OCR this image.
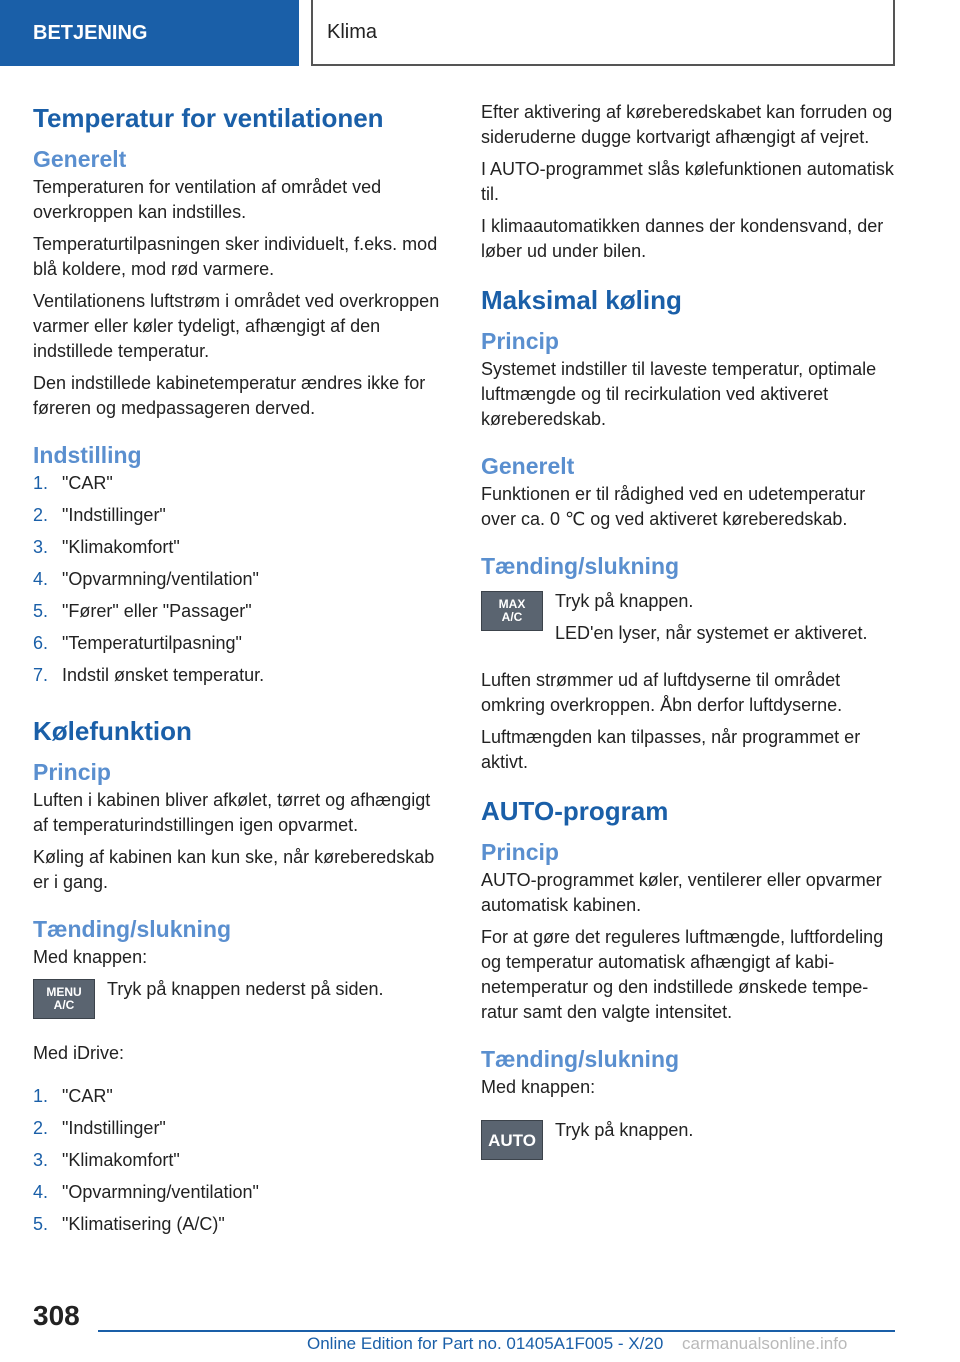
BETJENING	Klima
Temperatur for ventilationen
Generelt

Temperaturen for ventilation af området ved overkroppen kan indstilles.

Temperaturtilpasningen sker individuelt, f.eks. mod blå koldere, mod rød varmere.

Ventilationens luftstrøm i området ved overkroppen varmer eller køler tydeligt, afhængigt af den indstillede temperatur.

Den indstillede kabinetemperatur ændres ikke for føreren og medpassageren derved.

Indstilling
1. "CAR"
2. "Indstillinger"
3. "Klimakomfort"
4. "Opvarmning/ventilation"
5. "Fører" eller "Passager"
6. "Temperaturtilpasning"
7. Indstil ønsket temperatur.
Kølefunktion
Princip

Luften i kabinen bliver afkølet, tørret og afhængigt af temperaturindstillingen igen opvarmet.

Køling af kabinen kan kun ske, når køreberedskab er i gang.

Tænding/slukning

Med knappen:

MENU
A/C

Tryk på knappen nederst på siden.

Med iDrive:

1. "CAR"
2. "Indstillinger"
3. "Klimakomfort"
4. "Opvarmning/ventilation"
5. "Klimatisering (A/C)"

Efter aktivering af køreberedskabet kan forruden og sideruderne dugge kortvarigt afhængigt af vejret.

I AUTO-programmet slås kølefunktionen automatisk til.

I klimaautomatikken dannes der kondensvand, der løber ud under bilen.

Maksimal køling
Princip

Systemet indstiller til laveste temperatur, optimale luftmængde og til recirkulation ved aktiveret køreberedskab.

Generelt

Funktionen er til rådighed ved en udetemperatur over ca. 0 ℃ og ved aktiveret køreberedskab.

Tænding/slukning
MAX
A/C

Tryk på knappen.

LED'en lyser, når systemet er aktiveret.

Luften strømmer ud af luftdyserne til området omkring overkroppen. Åbn derfor luftdyserne.

Luftmængden kan tilpasses, når programmet er aktivt.

AUTO-program
Princip

AUTO-programmet køler, ventilerer eller opvarmer automatisk kabinen.

For at gøre det reguleres luftmængde, luftfordeling og temperatur automatisk afhængigt af kabinetemperatur og den indstillede ønskede temperatur samt den valgte intensitet.

Tænding/slukning

Med knappen:

AUTO Tryk på knappen.

308
Online Edition for Part no. 01405A1F005 - X/20 carmanualsonline.info
